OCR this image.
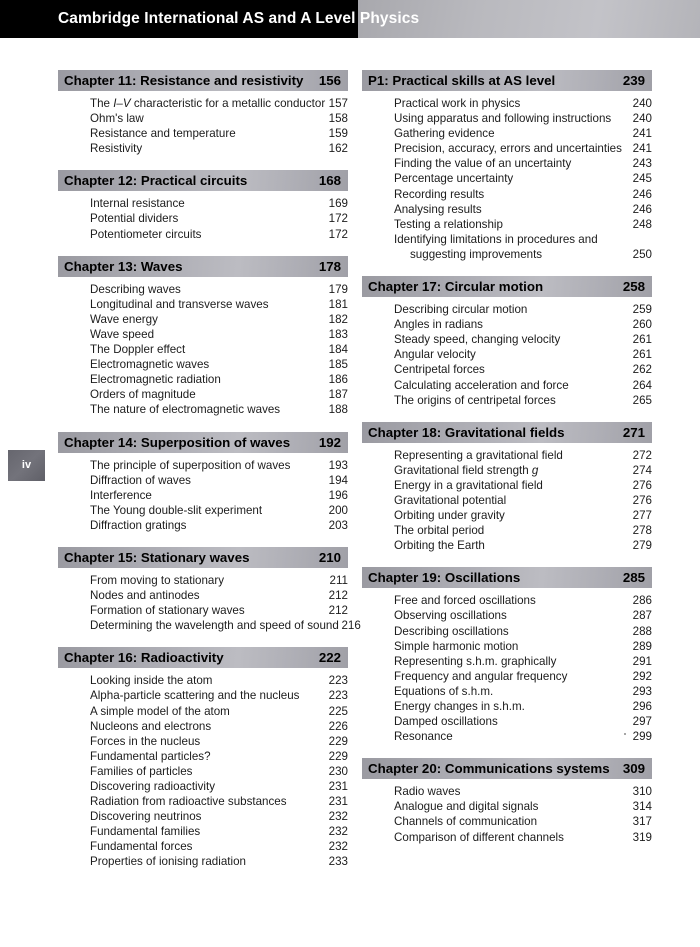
Cambridge International AS and A Level Physics
iv
Chapter 11: Resistance and resistivity	156
The I–V characteristic for a metallic conductor 157
Ohm's law	158
Resistance and temperature	159
Resistivity	162
Chapter 12: Practical circuits	168
Internal resistance	169
Potential dividers	172
Potentiometer circuits	172
Chapter 13: Waves	178
Describing waves	179
Longitudinal and transverse waves	181
Wave energy	182
Wave speed	183
The Doppler effect	184
Electromagnetic waves	185
Electromagnetic radiation	186
Orders of magnitude	187
The nature of electromagnetic waves	188
Chapter 14: Superposition of waves	192
The principle of superposition of waves	193
Diffraction of waves	194
Interference	196
The Young double-slit experiment	200
Diffraction gratings	203
Chapter 15: Stationary waves	210
From moving to stationary	211
Nodes and antinodes	212
Formation of stationary waves	212
Determining the wavelength and speed of sound 216
Chapter 16: Radioactivity	222
Looking inside the atom	223
Alpha-particle scattering and the nucleus	223
A simple model of the atom	225
Nucleons and electrons	226
Forces in the nucleus	229
Fundamental particles?	229
Families of particles	230
Discovering radioactivity	231
Radiation from radioactive substances	231
Discovering neutrinos	232
Fundamental families	232
Fundamental forces	232
Properties of ionising radiation	233
P1: Practical skills at AS level	239
Practical work in physics	240
Using apparatus and following instructions	240
Gathering evidence	241
Precision, accuracy, errors and uncertainties 241
Finding the value of an uncertainty	243
Percentage uncertainty	245
Recording results	246
Analysing results	246
Testing a relationship	248
Identifying limitations in procedures and
suggesting improvements	250
Chapter 17: Circular motion	258
Describing circular motion	259
Angles in radians	260
Steady speed, changing velocity	261
Angular velocity	261
Centripetal forces	262
Calculating acceleration and force	264
The origins of centripetal forces	265
Chapter 18: Gravitational fields	271
Representing a gravitational field	272
Gravitational field strength g	274
Energy in a gravitational field	276
Gravitational potential	276
Orbiting under gravity	277
The orbital period	278
Orbiting the Earth	279
Chapter 19: Oscillations	285
Free and forced oscillations	286
Observing oscillations	287
Describing oscillations	288
Simple harmonic motion	289
Representing s.h.m. graphically	291
Frequency and angular frequency	292
Equations of s.h.m.	293
Energy changes in s.h.m.	296
Damped oscillations	297
Resonance	299
Chapter 20: Communications systems 309
Radio waves	310
Analogue and digital signals	314
Channels of communication	317
Comparison of different channels	319
